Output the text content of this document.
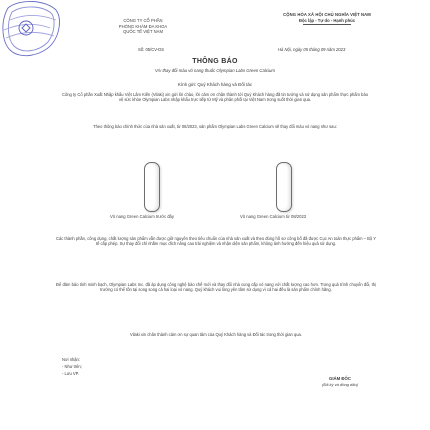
CÔNG TY CỔ PHẦN
PHÒNG KHÁM ĐA KHOA
QUỐC TẾ VIỆT NAM
CỘNG HÒA XÃ HỘI CHỦ NGHĨA VIỆT NAM
Độc lập - Tự do - Hạnh phúc
Số: 05/CV-DS	Hà Nội, ngày 05 tháng 09 năm 2023
THÔNG BÁO
V/v thay đổi màu vỏ nang thuốc Olympian Labs Green Calcium
Kính gửi: Quý Khách hàng và Đối tác
Công ty Cổ phần Xuất Nhập khẩu Việt Lâm Kiến (Vilaki) xin gửi lời chào, lời cảm ơn chân thành tới Quý Khách hàng đã tin tưởng và sử dụng sản phẩm thực phẩm bảo vệ sức khỏe Olympian Labs nhập khẩu trực tiếp từ Mỹ và phân phối tại Việt Nam trong suốt thời gian qua.
Theo thông báo chính thức của nhà sản xuất, từ 08/2023, sản phẩm Olympian Labs Green Calcium sẽ thay đổi màu vỏ nang như sau:
Vỏ nang Green Calcium trước đây	Vỏ nang Green Calcium từ 08/2023
Các thành phần, công dụng, chất lượng sản phẩm vẫn được giữ nguyên theo tiêu chuẩn của nhà sản xuất và theo đúng hồ sơ công bố đã được Cục An toàn thực phẩm – Bộ Y tế cấp phép. Sự thay đổi chỉ nhằm mục đích nâng cao trải nghiệm và nhận diện sản phẩm, không ảnh hưởng đến hiệu quả sử dụng.
Để đảm bảo tính minh bạch, Olympian Labs Inc. đã áp dụng công nghệ bào chế mới và thay đổi nhà cung cấp vỏ nang với chất lượng cao hơn. Trong quá trình chuyển đổi, thị trường có thể tồn tại song song cả hai loại vỏ nang. Quý khách vui lòng yên tâm sử dụng vì cả hai đều là sản phẩm chính hãng.
Vilaki xin chân thành cảm ơn sự quan tâm của Quý Khách hàng và Đối tác trong thời gian qua.
Nơi nhận:
- Như trên;
- Lưu VP.
GIÁM ĐỐC
(Đã ký và đóng dấu)
